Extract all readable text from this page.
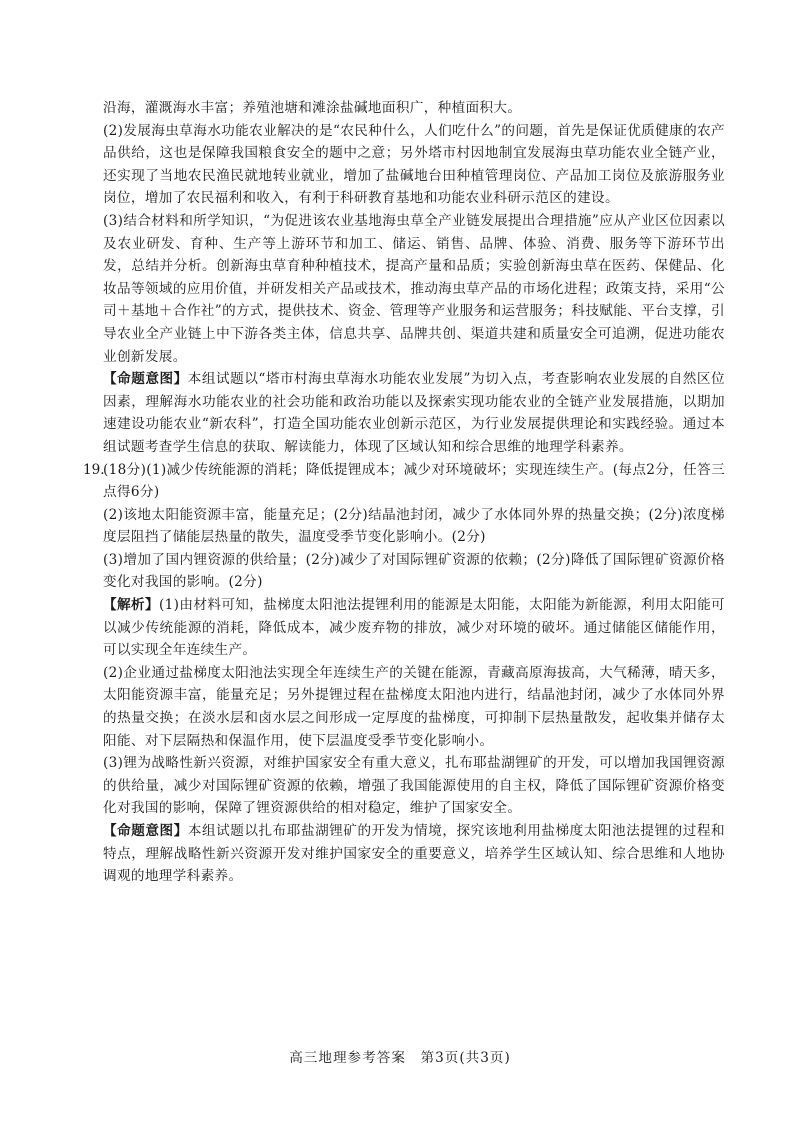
沿海，灌溉海水丰富；养殖池塘和滩涂盐碱地面积广，种植面积大。

(2)发展海虫草海水功能农业解决的是“农民种什么，人们吃什么”的问题，首先是保证优质健康的农产品供给，这也是保障我国粮食安全的题中之意；另外塔市村因地制宜发展海虫草功能农业全链产业，还实现了当地农民渔民就地转业就业，增加了盐碱地台田种植管理岗位、产品加工岗位及旅游服务业岗位，增加了农民福利和收入，有利于科研教育基地和功能农业科研示范区的建设。

(3)结合材料和所学知识，“为促进该农业基地海虫草全产业链发展提出合理措施”应从产业区位因素以及农业研发、育种、生产等上游环节和加工、储运、销售、品牌、体验、消费、服务等下游环节出发，总结并分析。创新海虫草育种种植技术，提高产量和品质；实验创新海虫草在医药、保健品、化妆品等领域的应用价值，并研发相关产品或技术，推动海虫草产品的市场化进程；政策支持，采用“公司＋基地＋合作社”的方式，提供技术、资金、管理等产业服务和运营服务；科技赋能、平台支撑，引导农业全产业链上中下游各类主体，信息共享、品牌共创、渠道共建和质量安全可追溯，促进功能农业创新发展。

【命题意图】本组试题以“塔市村海虫草海水功能农业发展”为切入点，考查影响农业发展的自然区位因素，理解海水功能农业的社会功能和政治功能以及探索实现功能农业的全链产业发展措施，以期加速建设功能农业“新农科”，打造全国功能农业创新示范区，为行业发展提供理论和实践经验。通过本组试题考查学生信息的获取、解读能力，体现了区域认知和综合思维的地理学科素养。

19.

(18分)(1)减少传统能源的消耗；降低提锂成本；减少对环境破坏；实现连续生产。(每点2分，任答三点得6分)

(2)该地太阳能资源丰富，能量充足；(2分)结晶池封闭，减少了水体同外界的热量交换；(2分)浓度梯度层阻挡了储能层热量的散失，温度受季节变化影响小。(2分)

(3)增加了国内锂资源的供给量；(2分)减少了对国际锂矿资源的依赖；(2分)降低了国际锂矿资源价格变化对我国的影响。(2分)

【解析】(1)由材料可知，盐梯度太阳池法提锂利用的能源是太阳能，太阳能为新能源，利用太阳能可以减少传统能源的消耗，降低成本，减少废弃物的排放，减少对环境的破坏。通过储能区储能作用，可以实现全年连续生产。

(2)企业通过盐梯度太阳池法实现全年连续生产的关键在能源，青藏高原海拔高，大气稀薄，晴天多，太阳能资源丰富，能量充足；另外提锂过程在盐梯度太阳池内进行，结晶池封闭，减少了水体同外界的热量交换；在淡水层和卤水层之间形成一定厚度的盐梯度，可抑制下层热量散发，起收集并储存太阳能、对下层隔热和保温作用，使下层温度受季节变化影响小。

(3)锂为战略性新兴资源，对维护国家安全有重大意义，扎布耶盐湖锂矿的开发，可以增加我国锂资源的供给量，减少对国际锂矿资源的依赖，增强了我国能源使用的自主权，降低了国际锂矿资源价格变化对我国的影响，保障了锂资源供给的相对稳定，维护了国家安全。

【命题意图】本组试题以扎布耶盐湖锂矿的开发为情境，探究该地利用盐梯度太阳池法提锂的过程和特点，理解战略性新兴资源开发对维护国家安全的重要意义，培养学生区域认知、综合思维和人地协调观的地理学科素养。

高三地理参考答案　第3页(共3页)
